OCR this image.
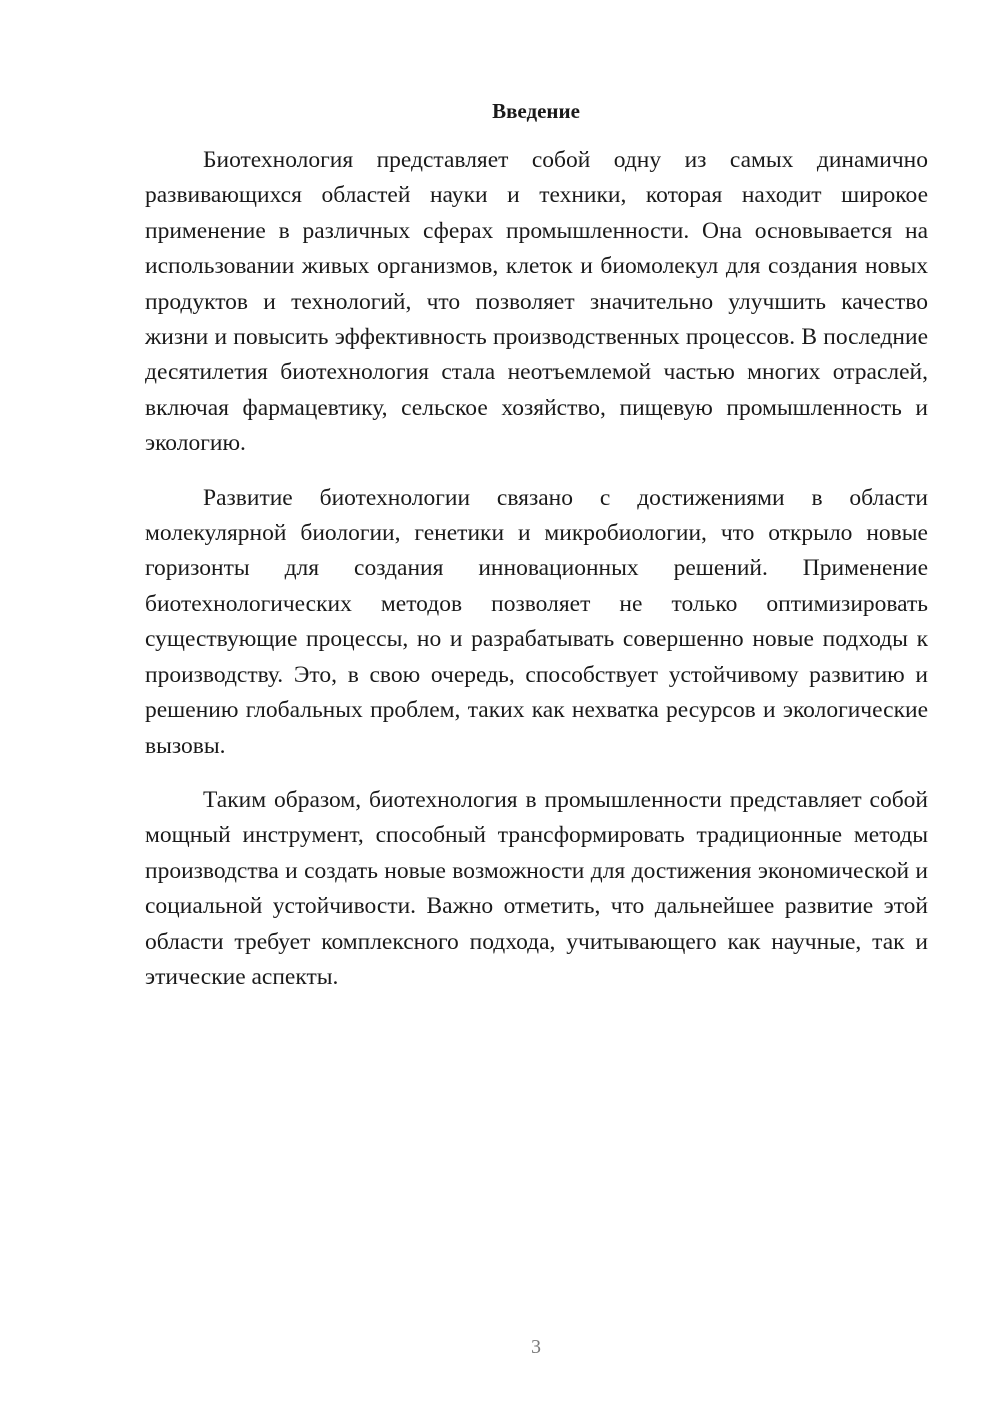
Введение

Биотехнология представляет собой одну из самых динамично развивающихся областей науки и техники, которая находит широкое применение в различных сферах промышленности. Она основывается на использовании живых организмов, клеток и биомолекул для создания новых продуктов и технологий, что позволяет значительно улучшить качество жизни и повысить эффективность производственных процессов. В последние десятилетия биотехнология стала неотъемлемой частью многих отраслей, включая фармацевтику, сельское хозяйство, пищевую промышленность и экологию.

Развитие биотехнологии связано с достижениями в области молекулярной биологии, генетики и микробиологии, что открыло новые горизонты для создания инновационных решений. Применение биотехнологических методов позволяет не только оптимизировать существующие процессы, но и разрабатывать совершенно новые подходы к производству. Это, в свою очередь, способствует устойчивому развитию и решению глобальных проблем, таких как нехватка ресурсов и экологические вызовы.

Таким образом, биотехнология в промышленности представляет собой мощный инструмент, способный трансформировать традиционные методы производства и создать новые возможности для достижения экономической и социальной устойчивости. Важно отметить, что дальнейшее развитие этой области требует комплексного подхода, учитывающего как научные, так и этические аспекты.

3
